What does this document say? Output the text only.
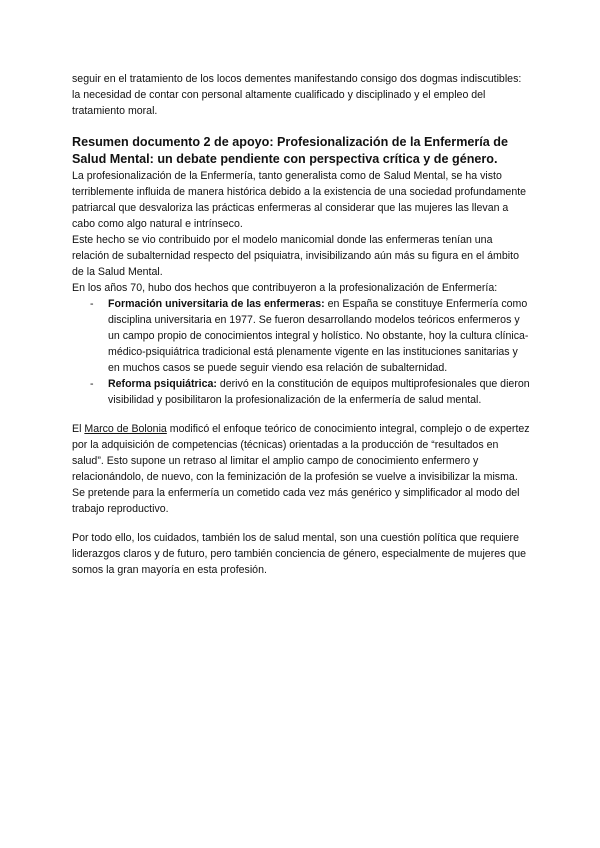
seguir en el tratamiento de los locos dementes manifestando consigo dos dogmas indiscutibles: la necesidad de contar con personal altamente cualificado y disciplinado y el empleo del tratamiento moral.

Resumen documento 2 de apoyo: Profesionalización de la Enfermería de Salud Mental: un debate pendiente con perspectiva crítica y de género.

La profesionalización de la Enfermería, tanto generalista como de Salud Mental, se ha visto terriblemente influida de manera histórica debido a la existencia de una sociedad profundamente patriarcal que desvaloriza las prácticas enfermeras al considerar que las mujeres las llevan a cabo como algo natural e intrínseco.

Este hecho se vio contribuido por el modelo manicomial donde las enfermeras tenían una relación de subalternidad respecto del psiquiatra, invisibilizando aún más su figura en el ámbito de la Salud Mental.

En los años 70, hubo dos hechos que contribuyeron a la profesionalización de Enfermería:

- Formación universitaria de las enfermeras: en España se constituye Enfermería como disciplina universitaria en 1977. Se fueron desarrollando modelos teóricos enfermeros y un campo propio de conocimientos integral y holístico. No obstante, hoy la cultura clínica-médico-psiquiátrica tradicional está plenamente vigente en las instituciones sanitarias y en muchos casos se puede seguir viendo esa relación de subalternidad.
- Reforma psiquiátrica: derivó en la constitución de equipos multiprofesionales que dieron visibilidad y posibilitaron la profesionalización de la enfermería de salud mental.

El Marco de Bolonia modificó el enfoque teórico de conocimiento integral, complejo o de expertez por la adquisición de competencias (técnicas) orientadas a la producción de “resultados en salud”. Esto supone un retraso al limitar el amplio campo de conocimiento enfermero y relacionándolo, de nuevo, con la feminización de la profesión se vuelve a invisibilizar la misma. Se pretende para la enfermería un cometido cada vez más genérico y simplificador al modo del trabajo reproductivo.

Por todo ello, los cuidados, también los de salud mental, son una cuestión política que requiere liderazgos claros y de futuro, pero también conciencia de género, especialmente de mujeres que somos la gran mayoría en esta profesión.
